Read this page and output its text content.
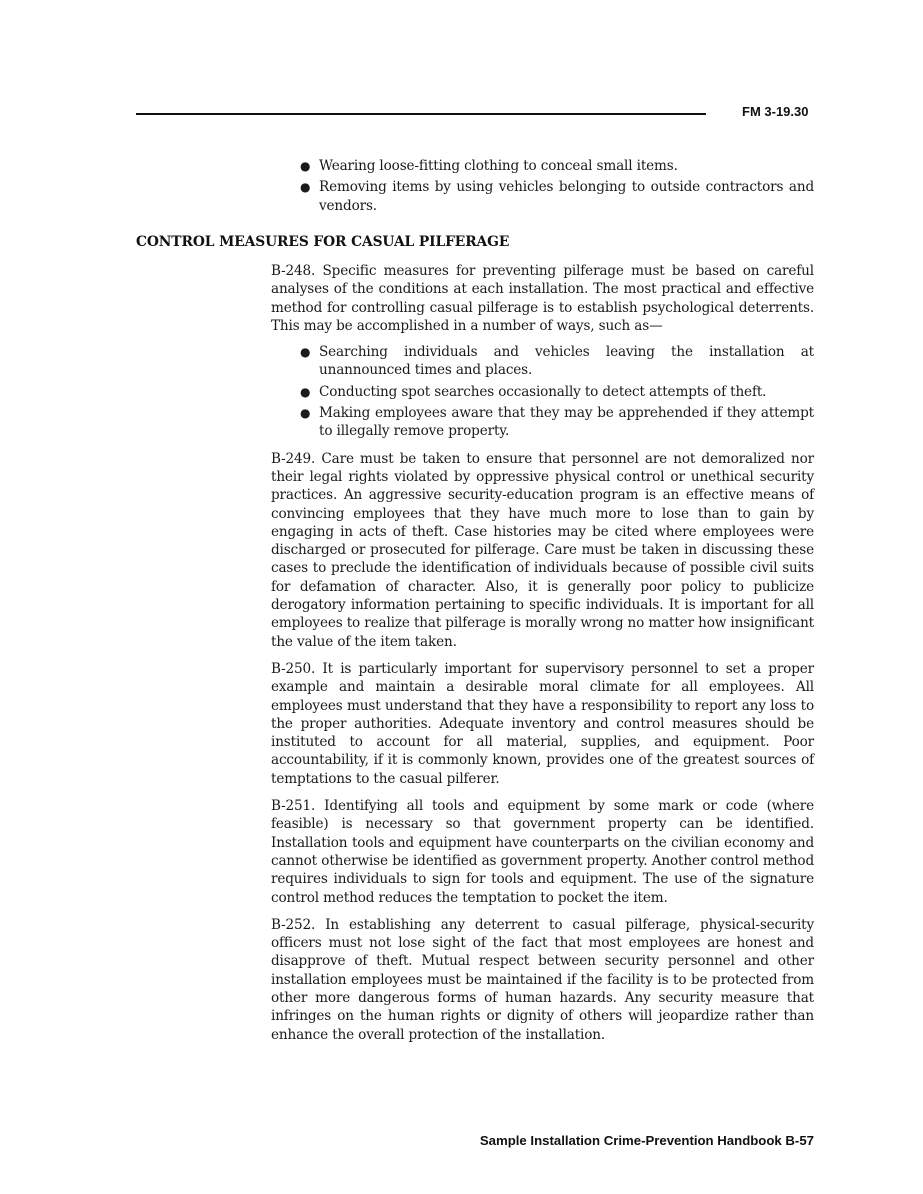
FM 3-19.30
● Wearing loose-fitting clothing to conceal small items.
● Removing items by using vehicles belonging to outside contractors and vendors.
CONTROL MEASURES FOR CASUAL PILFERAGE

B-248. Specific measures for preventing pilferage must be based on careful analyses of the conditions at each installation. The most practical and effective method for controlling casual pilferage is to establish psychological deterrents. This may be accomplished in a number of ways, such as—

● Searching individuals and vehicles leaving the installation at unannounced times and places.
● Conducting spot searches occasionally to detect attempts of theft.
● Making employees aware that they may be apprehended if they attempt to illegally remove property.

B-249. Care must be taken to ensure that personnel are not demoralized nor their legal rights violated by oppressive physical control or unethical security practices. An aggressive security-education program is an effective means of convincing employees that they have much more to lose than to gain by engaging in acts of theft. Case histories may be cited where employees were discharged or prosecuted for pilferage. Care must be taken in discussing these cases to preclude the identification of individuals because of possible civil suits for defamation of character. Also, it is generally poor policy to publicize derogatory information pertaining to specific individuals. It is important for all employees to realize that pilferage is morally wrong no matter how insignificant the value of the item taken.

B-250. It is particularly important for supervisory personnel to set a proper example and maintain a desirable moral climate for all employees. All employees must understand that they have a responsibility to report any loss to the proper authorities. Adequate inventory and control measures should be instituted to account for all material, supplies, and equipment. Poor accountability, if it is commonly known, provides one of the greatest sources of temptations to the casual pilferer.

B-251. Identifying all tools and equipment by some mark or code (where feasible) is necessary so that government property can be identified. Installation tools and equipment have counterparts on the civilian economy and cannot otherwise be identified as government property. Another control method requires individuals to sign for tools and equipment. The use of the signature control method reduces the temptation to pocket the item.

B-252. In establishing any deterrent to casual pilferage, physical-security officers must not lose sight of the fact that most employees are honest and disapprove of theft. Mutual respect between security personnel and other installation employees must be maintained if the facility is to be protected from other more dangerous forms of human hazards. Any security measure that infringes on the human rights or dignity of others will jeopardize rather than enhance the overall protection of the installation.

Sample Installation Crime-Prevention Handbook B-57
